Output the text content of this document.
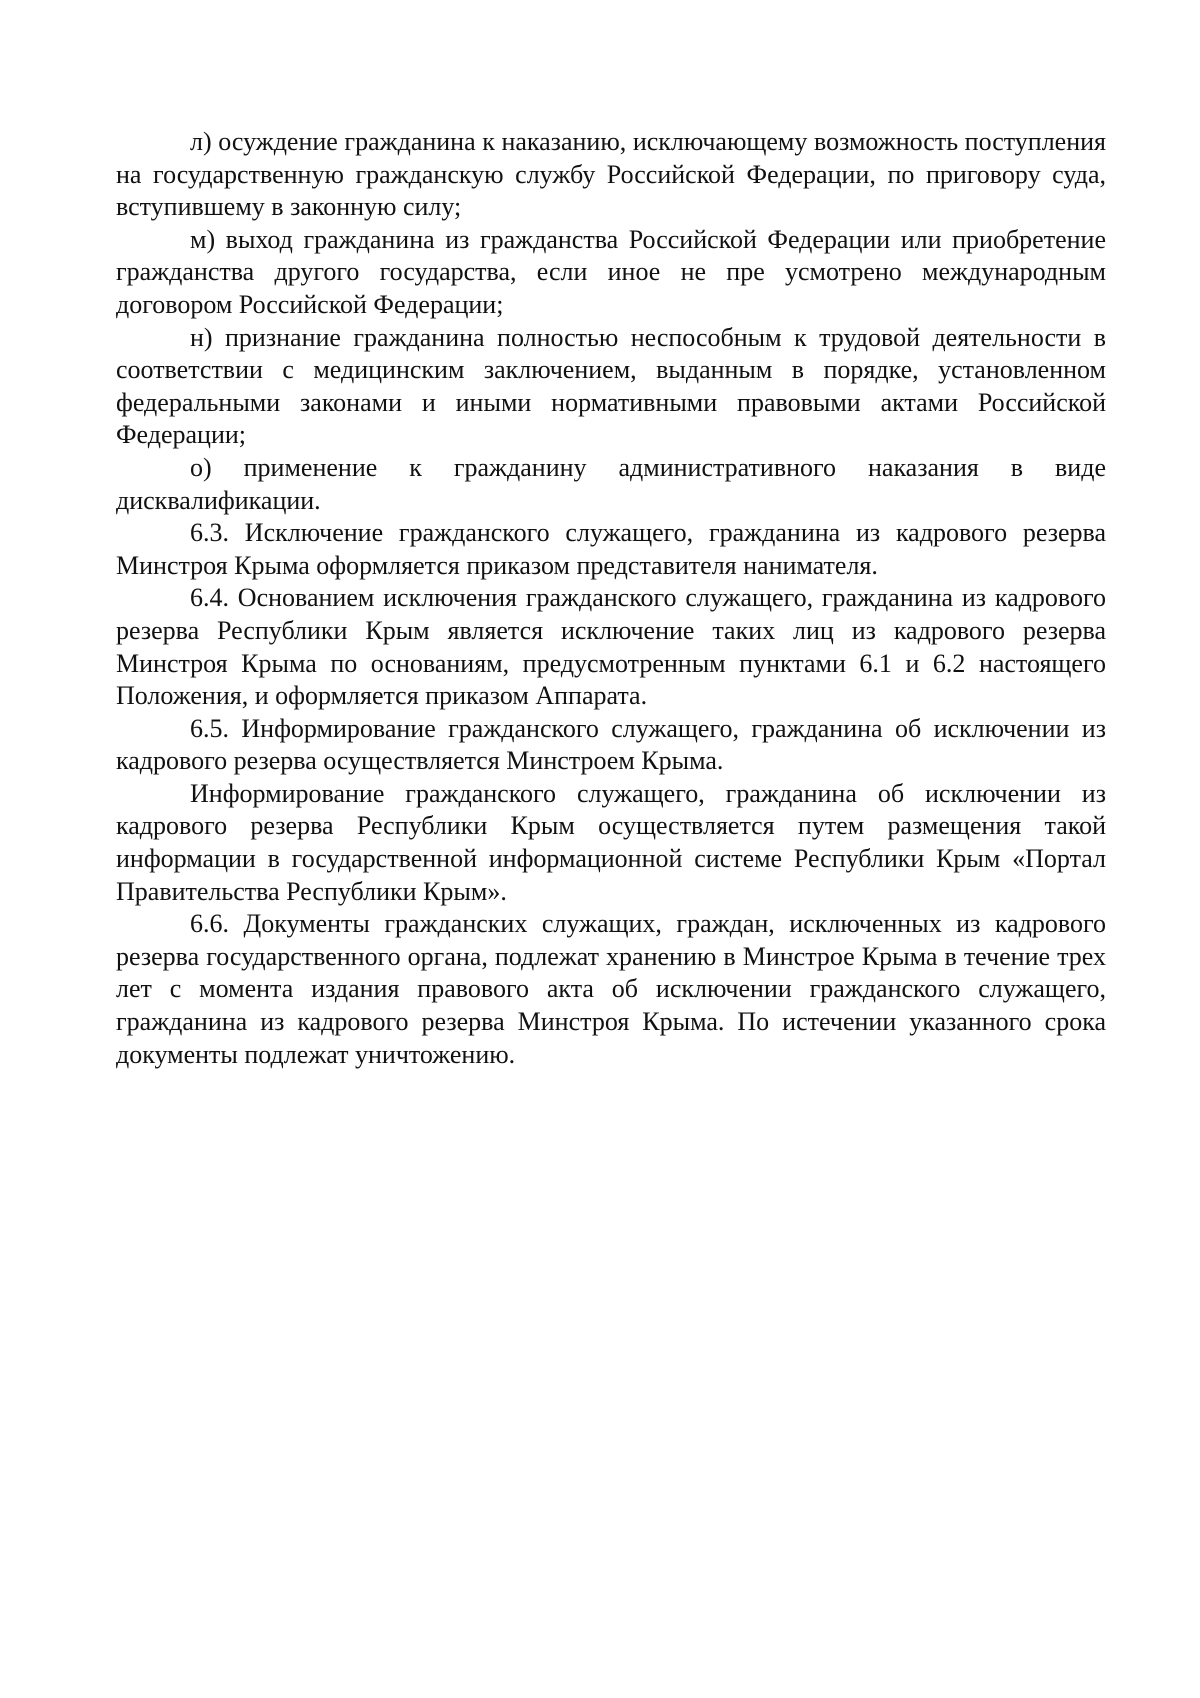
л) осуждение гражданина к наказанию, исключающему возможность поступления на государственную гражданскую службу Российской Федерации, по приговору суда, вступившему в законную силу;

м) выход гражданина из гражданства Российской Федерации или приобретение гражданства другого государства, если иное не пре усмотрено международным договором Российской Федерации;

н) признание гражданина полностью неспособным к трудовой деятельности в соответствии с медицинским заключением, выданным в порядке, установленном федеральными законами и иными нормативными правовыми актами Российской Федерации;

о) применение к гражданину административного наказания в виде дисквалификации.

6.3. Исключение гражданского служащего, гражданина из кадрового резерва Минстроя Крыма оформляется приказом представителя нанимателя.

6.4. Основанием исключения гражданского служащего, гражданина из кадрового резерва Республики Крым является исключение таких лиц из кадрового резерва Минстроя Крыма по основаниям, предусмотренным пунктами 6.1 и 6.2 настоящего Положения, и оформляется приказом Аппарата.

6.5. Информирование гражданского служащего, гражданина об исключении из кадрового резерва осуществляется Минстроем Крыма.

Информирование гражданского служащего, гражданина об исключении из кадрового резерва Республики Крым осуществляется путем размещения такой информации в государственной информационной системе Республики Крым «Портал Правительства Республики Крым».

6.6. Документы гражданских служащих, граждан, исключенных из кадрового резерва государственного органа, подлежат хранению в Минстрое Крыма в течение трех лет с момента издания правового акта об исключении гражданского служащего, гражданина из кадрового резерва Минстроя Крыма. По истечении указанного срока документы подлежат уничтожению.
